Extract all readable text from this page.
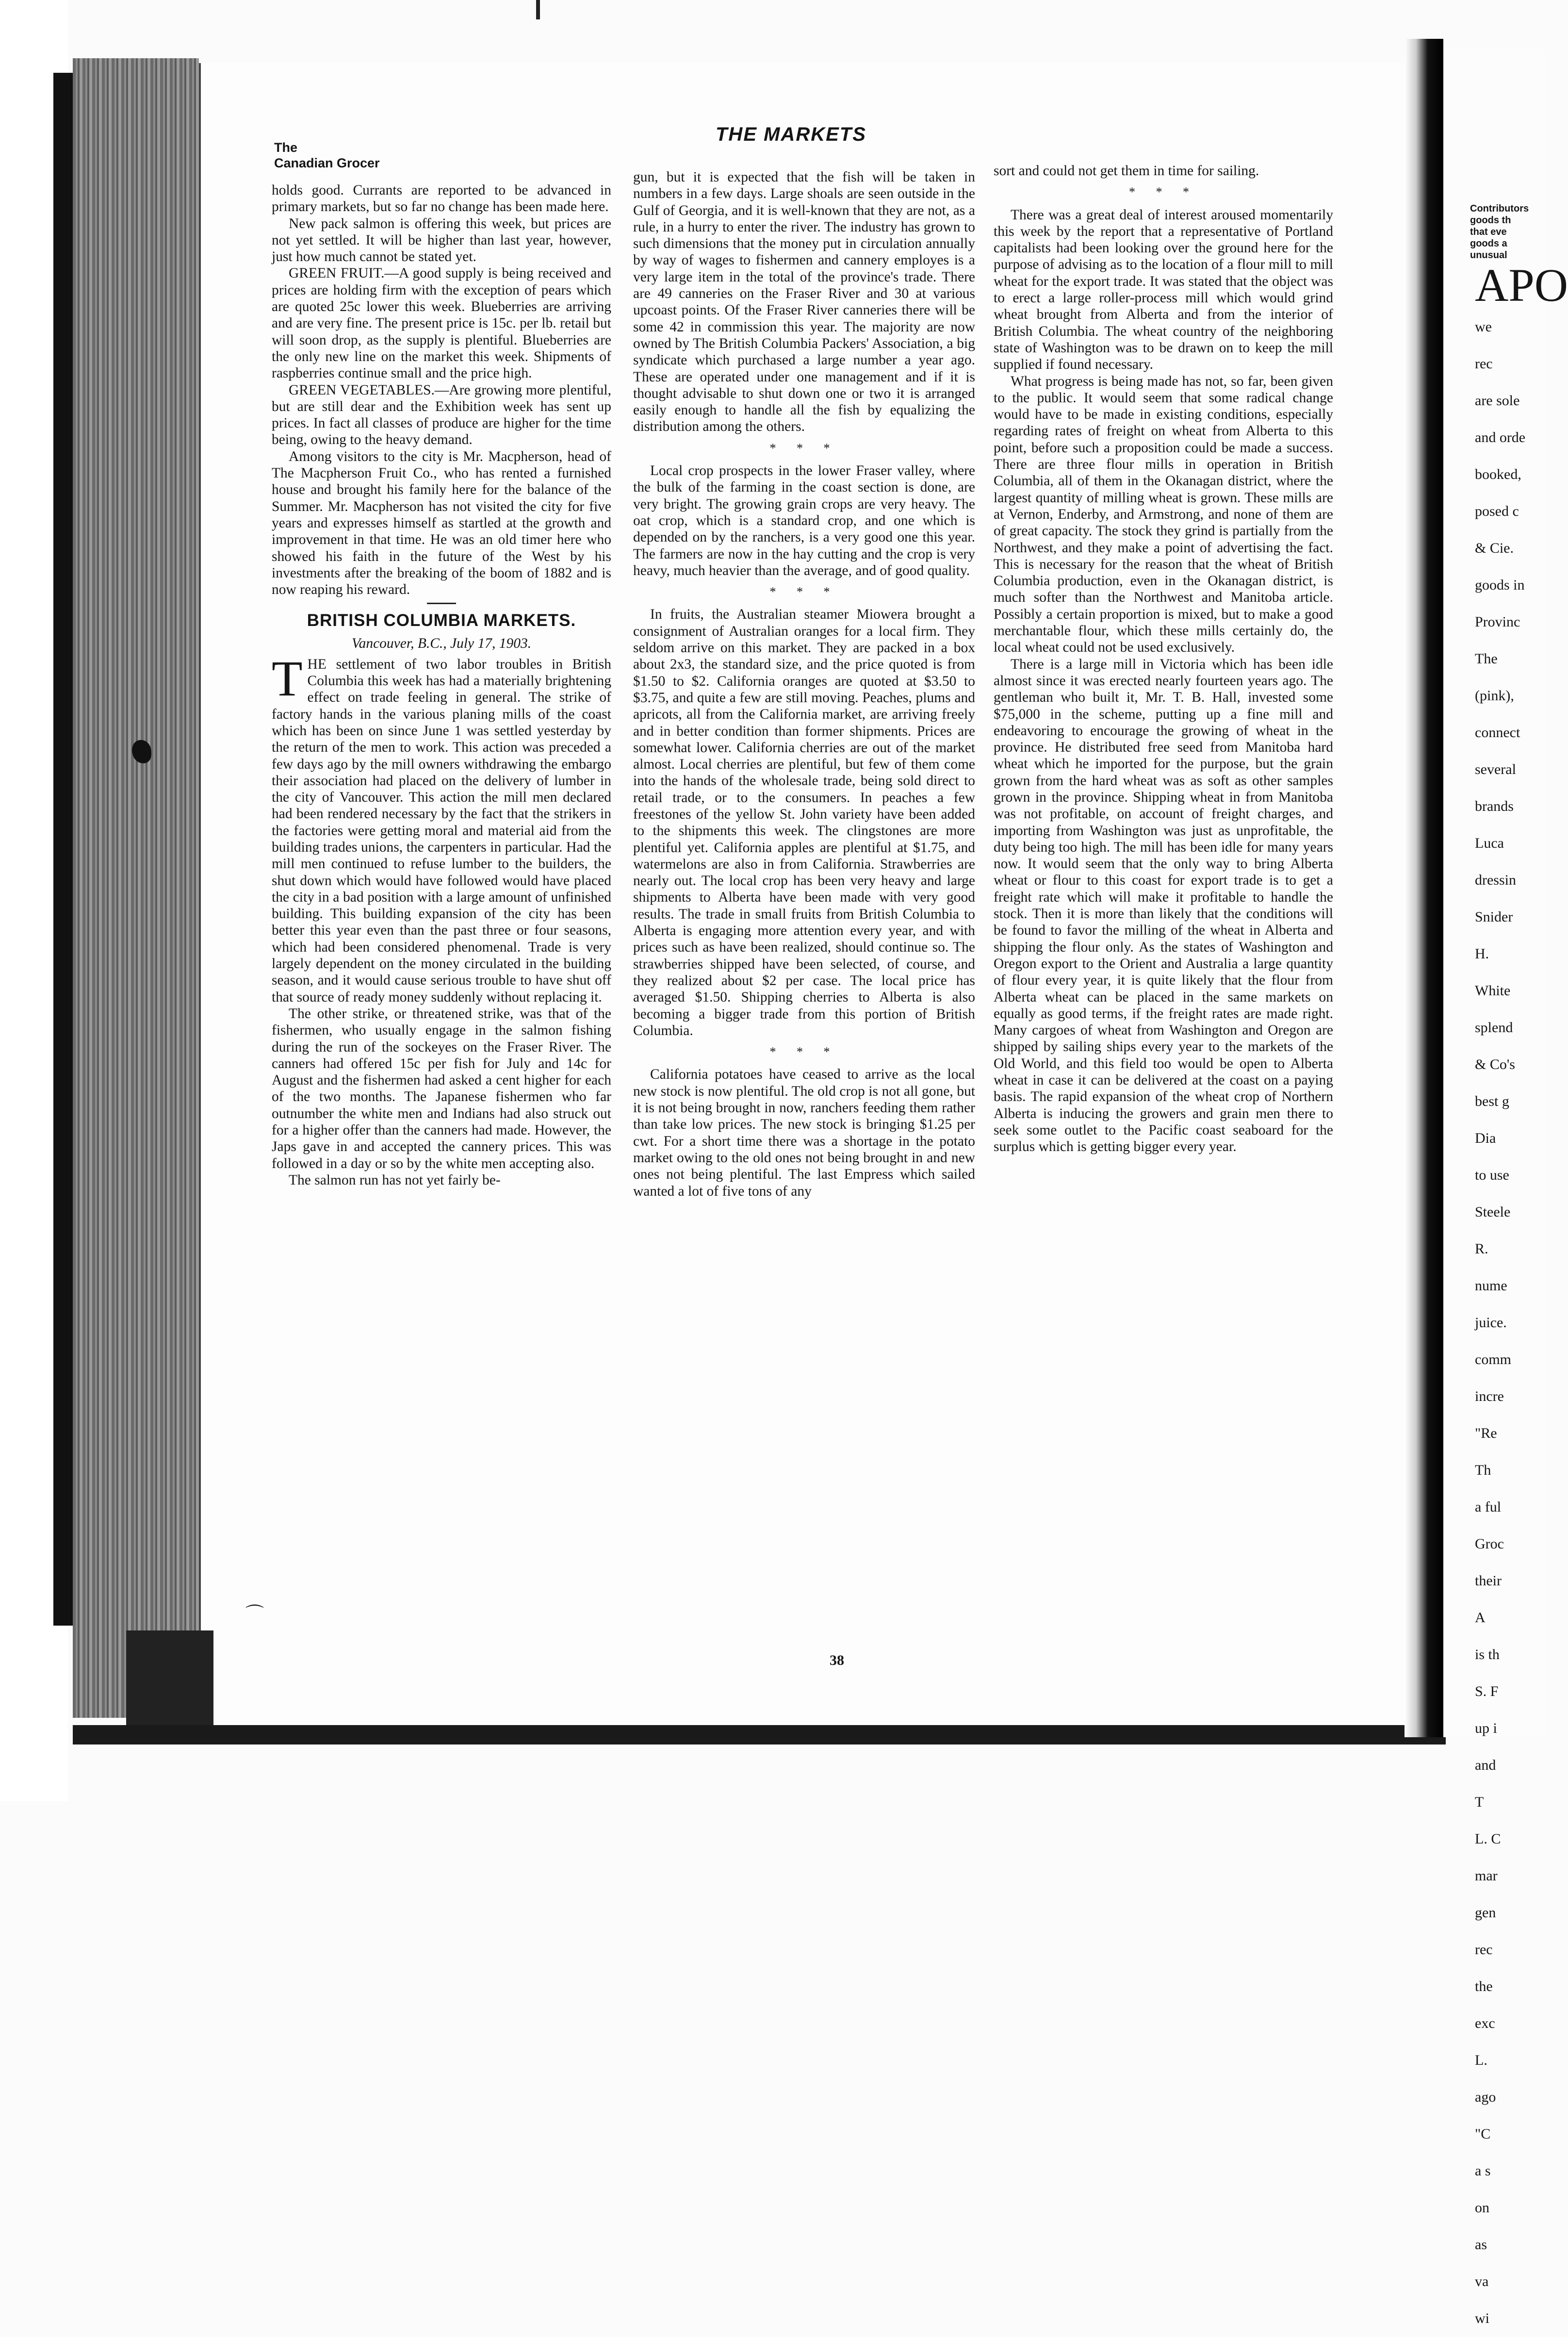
⌒
The
Canadian Grocer
THE MARKETS

holds good. Currants are reported to be advanced in primary markets, but so far no change has been made here.

New pack salmon is offering this week, but prices are not yet settled. It will be higher than last year, however, just how much cannot be stated yet.

GREEN FRUIT.—A good supply is being received and prices are holding firm with the exception of pears which are quoted 25c lower this week. Blueberries are arriving and are very fine. The present price is 15c. per lb. retail but will soon drop, as the supply is plentiful. Blueberries are the only new line on the market this week. Shipments of raspberries continue small and the price high.

GREEN VEGETABLES.—Are growing more plentiful, but are still dear and the Exhibition week has sent up prices. In fact all classes of produce are higher for the time being, owing to the heavy demand.

Among visitors to the city is Mr. Macpherson, head of The Macpherson Fruit Co., who has rented a furnished house and brought his family here for the balance of the Summer. Mr. Macpherson has not visited the city for five years and expresses himself as startled at the growth and improvement in that time. He was an old timer here who showed his faith in the future of the West by his investments after the breaking of the boom of 1882 and is now reaping his reward.

BRITISH COLUMBIA MARKETS.
Vancouver, B.C., July 17, 1903.

THE settlement of two labor troubles in British Columbia this week has had a materially brightening effect on trade feeling in general. The strike of factory hands in the various planing mills of the coast which has been on since June 1 was settled yesterday by the return of the men to work. This action was preceded a few days ago by the mill owners withdrawing the embargo their association had placed on the delivery of lumber in the city of Vancouver. This action the mill men declared had been rendered necessary by the fact that the strikers in the factories were getting moral and material aid from the building trades unions, the carpenters in particular. Had the mill men continued to refuse lumber to the builders, the shut down which would have followed would have placed the city in a bad position with a large amount of unfinished building. This building expansion of the city has been better this year even than the past three or four seasons, which had been considered phenomenal. Trade is very largely dependent on the money circulated in the building season, and it would cause serious trouble to have shut off that source of ready money suddenly without replacing it.

The other strike, or threatened strike, was that of the fishermen, who usually engage in the salmon fishing during the run of the sockeyes on the Fraser River. The canners had offered 15c per fish for July and 14c for August and the fishermen had asked a cent higher for each of the two months. The Japanese fishermen who far outnumber the white men and Indians had also struck out for a higher offer than the canners had made. However, the Japs gave in and accepted the cannery prices. This was followed in a day or so by the white men accepting also.

The salmon run has not yet fairly be-

gun, but it is expected that the fish will be taken in numbers in a few days. Large shoals are seen outside in the Gulf of Georgia, and it is well-known that they are not, as a rule, in a hurry to enter the river. The industry has grown to such dimensions that the money put in circulation annually by way of wages to fishermen and cannery employes is a very large item in the total of the province's trade. There are 49 canneries on the Fraser River and 30 at various upcoast points. Of the Fraser River canneries there will be some 42 in commission this year. The majority are now owned by The British Columbia Packers' Association, a big syndicate which purchased a large number a year ago. These are operated under one management and if it is thought advisable to shut down one or two it is arranged easily enough to handle all the fish by equalizing the distribution among the others.

* * *

Local crop prospects in the lower Fraser valley, where the bulk of the farming in the coast section is done, are very bright. The growing grain crops are very heavy. The oat crop, which is a standard crop, and one which is depended on by the ranchers, is a very good one this year. The farmers are now in the hay cutting and the crop is very heavy, much heavier than the average, and of good quality.

* * *

In fruits, the Australian steamer Miowera brought a consignment of Australian oranges for a local firm. They seldom arrive on this market. They are packed in a box about 2x3, the standard size, and the price quoted is from $1.50 to $2. California oranges are quoted at $3.50 to $3.75, and quite a few are still moving. Peaches, plums and apricots, all from the California market, are arriving freely and in better condition than former shipments. Prices are somewhat lower. California cherries are out of the market almost. Local cherries are plentiful, but few of them come into the hands of the wholesale trade, being sold direct to retail trade, or to the consumers. In peaches a few freestones of the yellow St. John variety have been added to the shipments this week. The clingstones are more plentiful yet. California apples are plentiful at $1.75, and watermelons are also in from California. Strawberries are nearly out. The local crop has been very heavy and large shipments to Alberta have been made with very good results. The trade in small fruits from British Columbia to Alberta is engaging more attention every year, and with prices such as have been realized, should continue so. The strawberries shipped have been selected, of course, and they realized about $2 per case. The local price has averaged $1.50. Shipping cherries to Alberta is also becoming a bigger trade from this portion of British Columbia.

* * *

California potatoes have ceased to arrive as the local new stock is now plentiful. The old crop is not all gone, but it is not being brought in now, ranchers feeding them rather than take low prices. The new stock is bringing $1.25 per cwt. For a short time there was a shortage in the potato market owing to the old ones not being brought in and new ones not being plentiful. The last Empress which sailed wanted a lot of five tons of any

sort and could not get them in time for sailing.

* * *

There was a great deal of interest aroused momentarily this week by the report that a representative of Portland capitalists had been looking over the ground here for the purpose of advising as to the location of a flour mill to mill wheat for the export trade. It was stated that the object was to erect a large roller-process mill which would grind wheat brought from Alberta and from the interior of British Columbia. The wheat country of the neighboring state of Washington was to be drawn on to keep the mill supplied if found necessary.

What progress is being made has not, so far, been given to the public. It would seem that some radical change would have to be made in existing conditions, especially regarding rates of freight on wheat from Alberta to this point, before such a proposition could be made a success. There are three flour mills in operation in British Columbia, all of them in the Okanagan district, where the largest quantity of milling wheat is grown. These mills are at Vernon, Enderby, and Armstrong, and none of them are of great capacity. The stock they grind is partially from the Northwest, and they make a point of advertising the fact. This is necessary for the reason that the wheat of British Columbia production, even in the Okanagan district, is much softer than the Northwest and Manitoba article. Possibly a certain proportion is mixed, but to make a good merchantable flour, which these mills certainly do, the local wheat could not be used exclusively.

There is a large mill in Victoria which has been idle almost since it was erected nearly fourteen years ago. The gentleman who built it, Mr. T. B. Hall, invested some $75,000 in the scheme, putting up a fine mill and endeavoring to encourage the growing of wheat in the province. He distributed free seed from Manitoba hard wheat which he imported for the purpose, but the grain grown from the hard wheat was as soft as other samples grown in the province. Shipping wheat in from Manitoba was not profitable, on account of freight charges, and importing from Washington was just as unprofitable, the duty being too high. The mill has been idle for many years now. It would seem that the only way to bring Alberta wheat or flour to this coast for export trade is to get a freight rate which will make it profitable to handle the stock. Then it is more than likely that the conditions will be found to favor the milling of the wheat in Alberta and shipping the flour only. As the states of Washington and Oregon export to the Orient and Australia a large quantity of flour every year, it is quite likely that the flour from Alberta wheat can be placed in the same markets on equally as good terms, if the freight rates are made right. Many cargoes of wheat from Washington and Oregon are shipped by sailing ships every year to the markets of the Old World, and this field too would be open to Alberta wheat in case it can be delivered at the coast on a paying basis. The rapid expansion of the wheat crop of Northern Alberta is inducing the growers and grain men there to seek some outlet to the Pacific coast seaboard for the surplus which is getting bigger every year.

38
Contributors
goods th
that eve
goods a
unusual
APO
we
rec
are sole
and orde
booked,
posed c
& Cie.
goods in
Provinc
The
(pink),
connect
several
brands
Luca
dressin
Snider
H.
White
splend
& Co's
best g
Dia
to use
Steele
R.
nume
juice.
comm
incre
"Re
Th
a ful
Groc
their
A
is th
S. F
up i
and
T
L. C
mar
gen
rec
the
exc
L.
ago
"C
a s
on
as
va
wi
